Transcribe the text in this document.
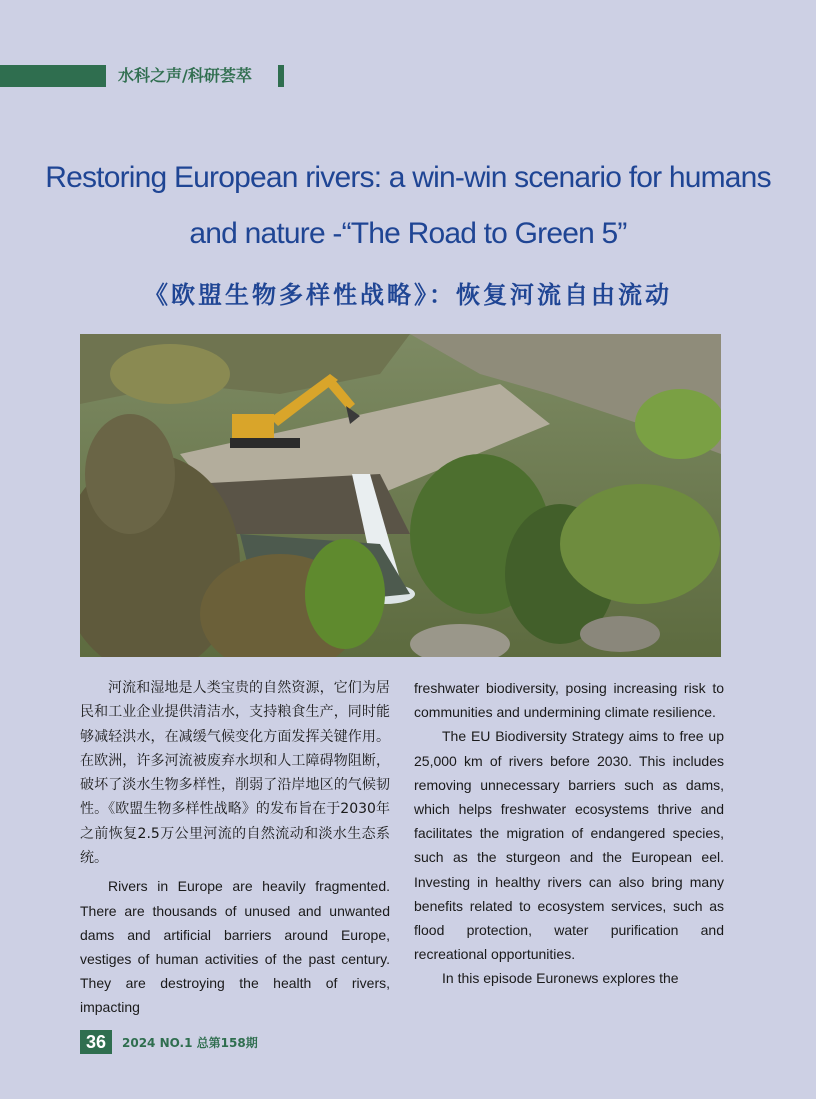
水科之声/科研荟萃
Restoring European rivers: a win-win scenario for humans and nature -“The Road to Green 5”
《欧盟生物多样性战略》：恢复河流自由流动

河流和湿地是人类宝贵的自然资源，它们为居民和工业企业提供清洁水，支持粮食生产，同时能够减轻洪水，在减缓气候变化方面发挥关键作用。在欧洲，许多河流被废弃水坝和人工障碍物阻断，破坏了淡水生物多样性，削弱了沿岸地区的气候韧性。《欧盟生物多样性战略》的发布旨在于2030年之前恢复2.5万公里河流的自然流动和淡水生态系统。

Rivers in Europe are heavily fragmented. There are thousands of unused and unwanted dams and artificial barriers around Europe, vestiges of human activities of the past century. They are destroying the health of rivers, impacting

freshwater biodiversity, posing increasing risk to communities and undermining climate resilience.

The EU Biodiversity Strategy aims to free up 25,000 km of rivers before 2030. This includes removing unnecessary barriers such as dams, which helps freshwater ecosystems thrive and facilitates the migration of endangered species, such as the sturgeon and the European eel. Investing in healthy rivers can also bring many benefits related to ecosystem services, such as flood protection, water purification and recreational opportunities.

In this episode Euronews explores the

36	2024 NO.1 总第158期
